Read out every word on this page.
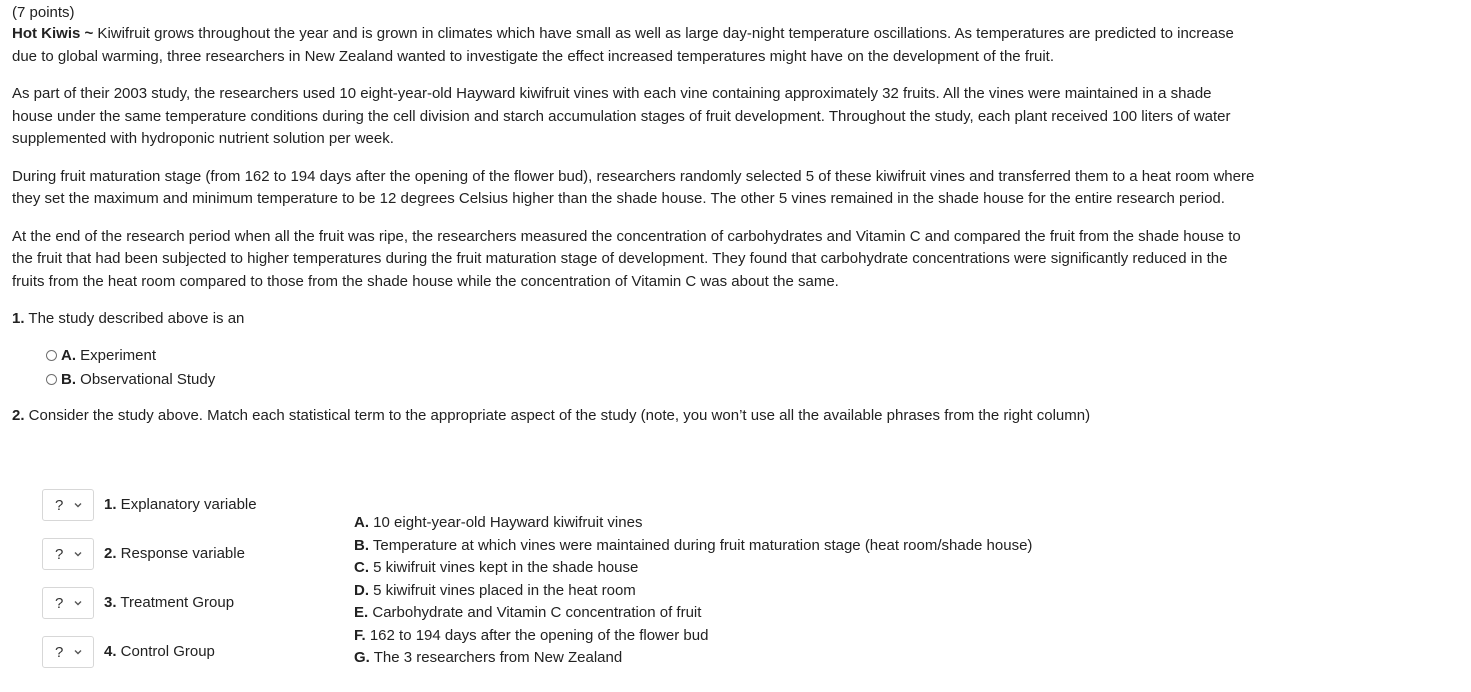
(7 points)

Hot Kiwis ~ Kiwifruit grows throughout the year and is grown in climates which have small as well as large day-night temperature oscillations. As temperatures are predicted to increase due to global warming, three researchers in New Zealand wanted to investigate the effect increased temperatures might have on the development of the fruit.

As part of their 2003 study, the researchers used 10 eight-year-old Hayward kiwifruit vines with each vine containing approximately 32 fruits. All the vines were maintained in a shade house under the same temperature conditions during the cell division and starch accumulation stages of fruit development. Throughout the study, each plant received 100 liters of water supplemented with hydroponic nutrient solution per week.

During fruit maturation stage (from 162 to 194 days after the opening of the flower bud), researchers randomly selected 5 of these kiwifruit vines and transferred them to a heat room where they set the maximum and minimum temperature to be 12 degrees Celsius higher than the shade house. The other 5 vines remained in the shade house for the entire research period.

At the end of the research period when all the fruit was ripe, the researchers measured the concentration of carbohydrates and Vitamin C and compared the fruit from the shade house to the fruit that had been subjected to higher temperatures during the fruit maturation stage of development. They found that carbohydrate concentrations were significantly reduced in the fruits from the heat room compared to those from the shade house while the concentration of Vitamin C was about the same.

1. The study described above is an

A. Experiment
B. Observational Study

2. Consider the study above. Match each statistical term to the appropriate aspect of the study (note, you won’t use all the available phrases from the right column)

?	1. Explanatory variable
?	2. Response variable
?	3. Treatment Group
?	4. Control Group
A. 10 eight-year-old Hayward kiwifruit vines
B. Temperature at which vines were maintained during fruit maturation stage (heat room/shade house)
C. 5 kiwifruit vines kept in the shade house
D. 5 kiwifruit vines placed in the heat room
E. Carbohydrate and Vitamin C concentration of fruit
F. 162 to 194 days after the opening of the flower bud
G. The 3 researchers from New Zealand
